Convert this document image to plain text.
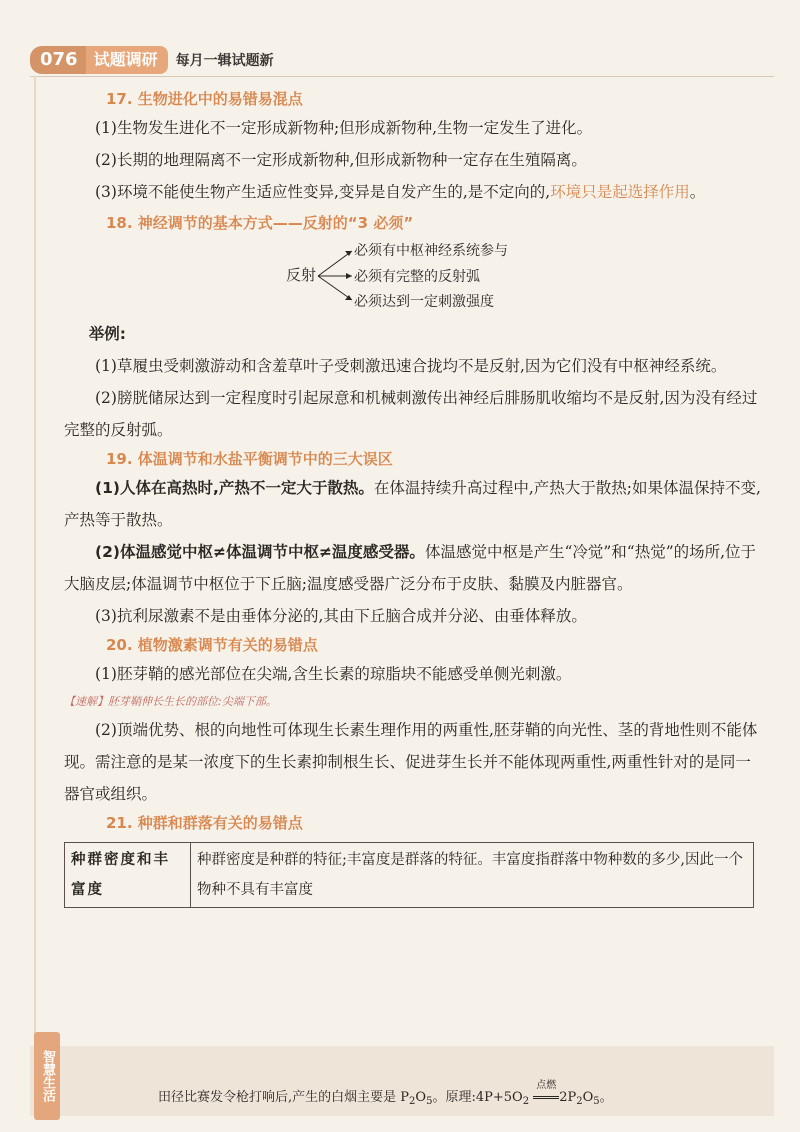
076	试题调研	每月一辑试题新
17. 生物进化中的易错易混点
(1)生物发生进化不一定形成新物种;但形成新物种,生物一定发生了进化。
(2)长期的地理隔离不一定形成新物种,但形成新物种一定存在生殖隔离。
(3)环境不能使生物产生适应性变异,变异是自发产生的,是不定向的,环境只是起选择作用。
18. 神经调节的基本方式——反射的“3 必须”
反射
必须有中枢神经系统参与
必须有完整的反射弧
必须达到一定刺激强度
举例:
(1)草履虫受刺激游动和含羞草叶子受刺激迅速合拢均不是反射,因为它们没有中枢神经系统。
(2)膀胱储尿达到一定程度时引起尿意和机械刺激传出神经后腓肠肌收缩均不是反射,因为没有经过完整的反射弧。
19. 体温调节和水盐平衡调节中的三大误区
(1)人体在高热时,产热不一定大于散热。在体温持续升高过程中,产热大于散热;如果体温保持不变,产热等于散热。
(2)体温感觉中枢≠体温调节中枢≠温度感受器。体温感觉中枢是产生“冷觉”和“热觉”的场所,位于大脑皮层;体温调节中枢位于下丘脑;温度感受器广泛分布于皮肤、黏膜及内脏器官。
(3)抗利尿激素不是由垂体分泌的,其由下丘脑合成并分泌、由垂体释放。
20. 植物激素调节有关的易错点
(1)胚芽鞘的感光部位在尖端,含生长素的琼脂块不能感受单侧光刺激。
【速解】胚芽鞘伸长生长的部位:尖端下部。
(2)顶端优势、根的向地性可体现生长素生理作用的两重性,胚芽鞘的向光性、茎的背地性则不能体现。需注意的是某一浓度下的生长素抑制根生长、促进芽生长并不能体现两重性,两重性针对的是同一器官或组织。
21. 种群和群落有关的易错点
种群密度和丰富度	种群密度是种群的特征;丰富度是群落的特征。丰富度指群落中物种数的多少,因此一个物种不具有丰富度
智慧生活	田径比赛发令枪打响后,产生的白烟主要是 $P_2O_5$。原理$:4P+5O_2$
点燃
$2P_2O_5$。
